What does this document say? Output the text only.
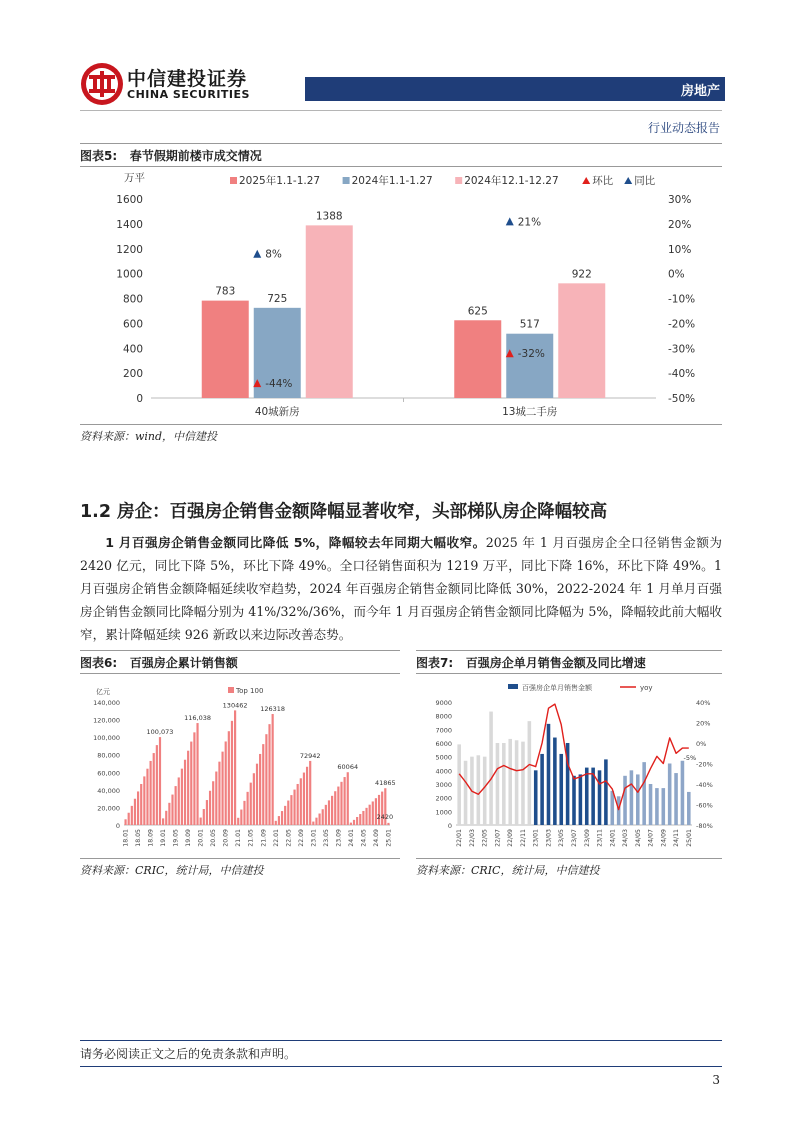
中信建投证券
CHINA SECURITIES	房地产
行业动态报告
图表5: 春节假期前楼市成交情况
2025年1.1-1.27	2024年1.1-1.27	2024年12.1-12.27	环比 同比
万平
0
200
400
600
800
1000
1200
1400
1600
-50%
-40%
-30%
-20%
-10%
0%
10%
20%
30%
783
725
1388
40城新房
-44%
8%
625
517
922
13城二手房
-32%
21%
资料来源：wind，中信建投
1.2 房企：百强房企销售金额降幅显著收窄，头部梯队房企降幅较高
1 月百强房企销售金额同比降低 5%，降幅较去年同期大幅收窄。2025 年 1 月百强房企全口径销售金额为 2420 亿元，同比下降 5%，环比下降 49%。全口径销售面积为 1219 万平，同比下降 16%，环比下降 49%。1 月百强房企销售金额降幅延续收窄趋势，2024 年百强房企销售金额同比降低 30%，2022-2024 年 1 月单月百强房企销售金额同比降幅分别为 41%/32%/36%，而今年 1 月百强房企销售金额同比降幅为 5%，降幅较此前大幅收窄，累计降幅延续 926 新政以来边际改善态势。
图表6: 百强房企累计销售额
亿元	Top 100
0
20,000
40,000
60,000
80,000
100,000
120,000
140,000
100,073
116,038
130462 126318
72942
60064
41865
2420
18.01 18.05 18.09 19.01 19.05 19.09 20.01 20.05 20.09 21.01 21.05 21.09 22.01 22.05 22.09 23.01 23.05 23.09 24.01 24.05 24.09 25.01
资料来源：CRIC，统计局，中信建投
图表7: 百强房企单月销售金额及同比增速
百强房企单月销售金额	yoy
0
1000
2000
3000
4000
5000
6000
7000
8000
9000
-80%
-60%
-40%
-20%
0%
20%
40%
-5%
22/01 22/03 22/05 22/07 22/09 22/11 23/01 23/03 23/05 23/07 23/09 23/11 24/01 24/03 24/05 24/07 24/09 24/11 25/01
资料来源：CRIC，统计局，中信建投
请务必阅读正文之后的免责条款和声明。
3
